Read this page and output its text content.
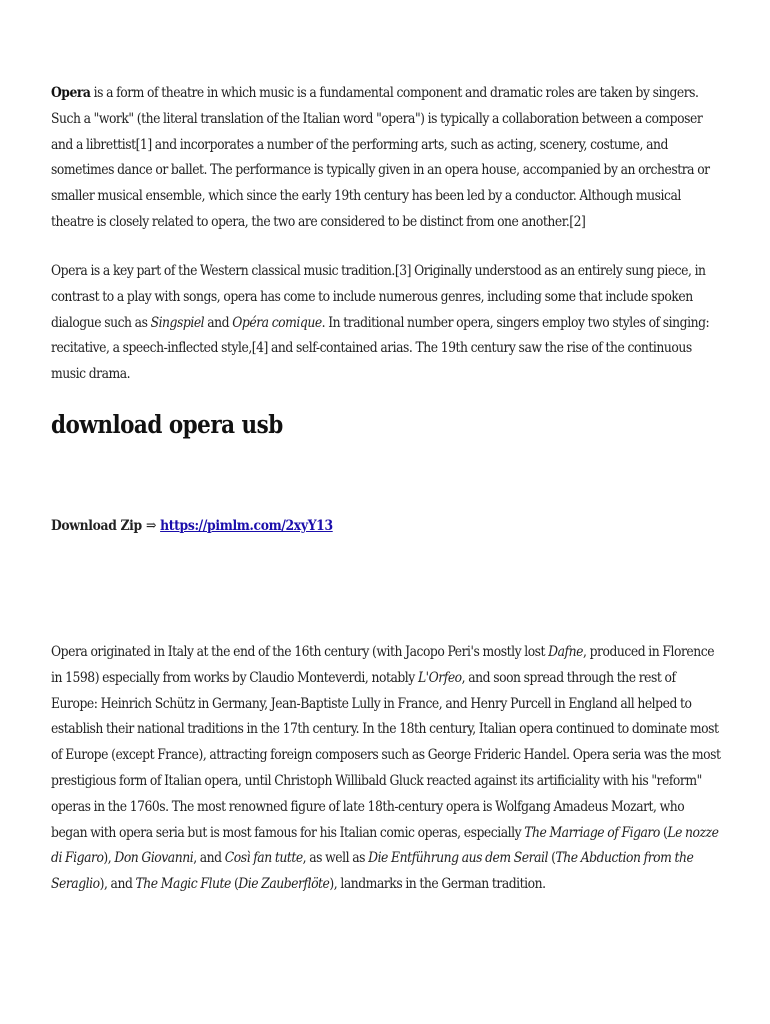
Opera is a form of theatre in which music is a fundamental component and dramatic roles are taken by singers. Such a "work" (the literal translation of the Italian word "opera") is typically a collaboration between a composer and a librettist[1] and incorporates a number of the performing arts, such as acting, scenery, costume, and sometimes dance or ballet. The performance is typically given in an opera house, accompanied by an orchestra or smaller musical ensemble, which since the early 19th century has been led by a conductor. Although musical theatre is closely related to opera, the two are considered to be distinct from one another.[2]

Opera is a key part of the Western classical music tradition.[3] Originally understood as an entirely sung piece, in contrast to a play with songs, opera has come to include numerous genres, including some that include spoken dialogue such as Singspiel and Opéra comique. In traditional number opera, singers employ two styles of singing: recitative, a speech-inflected style,[4] and self-contained arias. The 19th century saw the rise of the continuous music drama.

download opera usb
Download Zip ⇒ https://pimlm.com/2xyY13

Opera originated in Italy at the end of the 16th century (with Jacopo Peri's mostly lost Dafne, produced in Florence in 1598) especially from works by Claudio Monteverdi, notably L'Orfeo, and soon spread through the rest of Europe: Heinrich Schütz in Germany, Jean-Baptiste Lully in France, and Henry Purcell in England all helped to establish their national traditions in the 17th century. In the 18th century, Italian opera continued to dominate most of Europe (except France), attracting foreign composers such as George Frideric Handel. Opera seria was the most prestigious form of Italian opera, until Christoph Willibald Gluck reacted against its artificiality with his "reform" operas in the 1760s. The most renowned figure of late 18th-century opera is Wolfgang Amadeus Mozart, who began with opera seria but is most famous for his Italian comic operas, especially The Marriage of Figaro (Le nozze di Figaro), Don Giovanni, and Così fan tutte, as well as Die Entführung aus dem Serail (The Abduction from the Seraglio), and The Magic Flute (Die Zauberflöte), landmarks in the German tradition.
